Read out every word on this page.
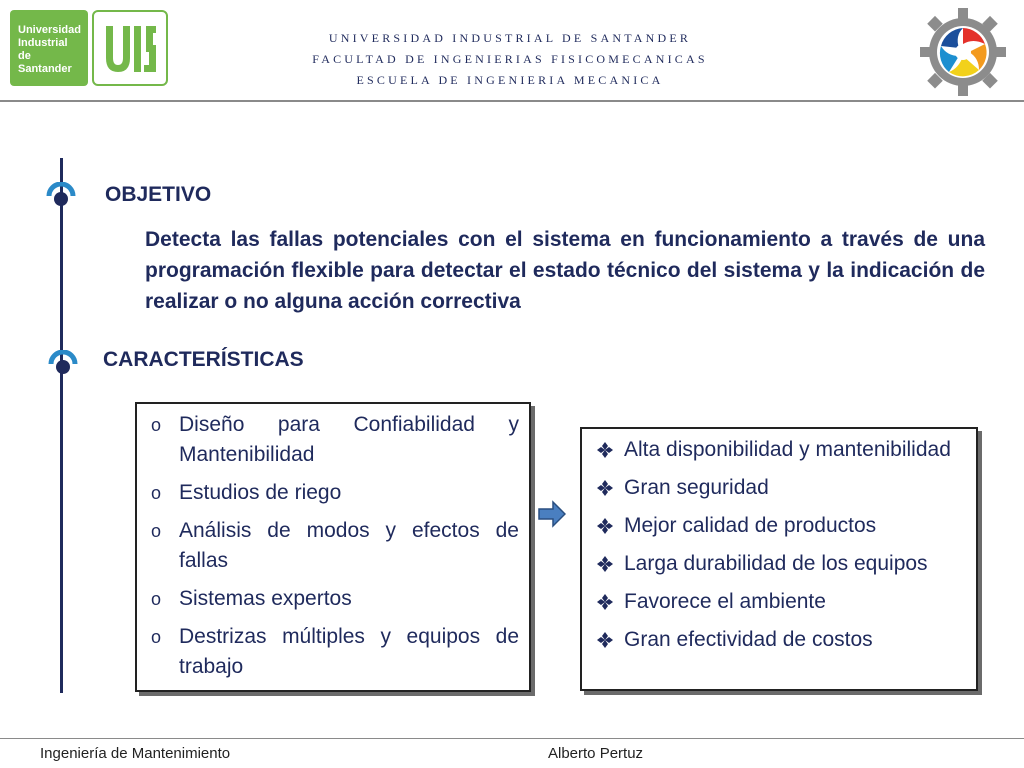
Universidad
Industrial de
Santander
UNIVERSIDAD INDUSTRIAL DE SANTANDER
FACULTAD DE INGENIERIAS FISICOMECANICAS
ESCUELA DE INGENIERIA MECANICA
OBJETIVO
Detecta las fallas potenciales con el sistema en funcionamiento a través de una programación flexible para detectar el estado técnico del sistema y la indicación de realizar o no alguna acción correctiva
CARACTERÍSTICAS
o Diseño para Confiabilidad y Mantenibilidad
o Estudios de riego
o Análisis de modos y efectos de fallas
o Sistemas expertos
o Destrizas múltiples y equipos de trabajo
Alta disponibilidad y mantenibilidad
Gran seguridad
Mejor calidad de productos
Larga durabilidad de los equipos
Favorece el ambiente
Gran efectividad de costos
Ingeniería de Mantenimiento	Alberto Pertuz
